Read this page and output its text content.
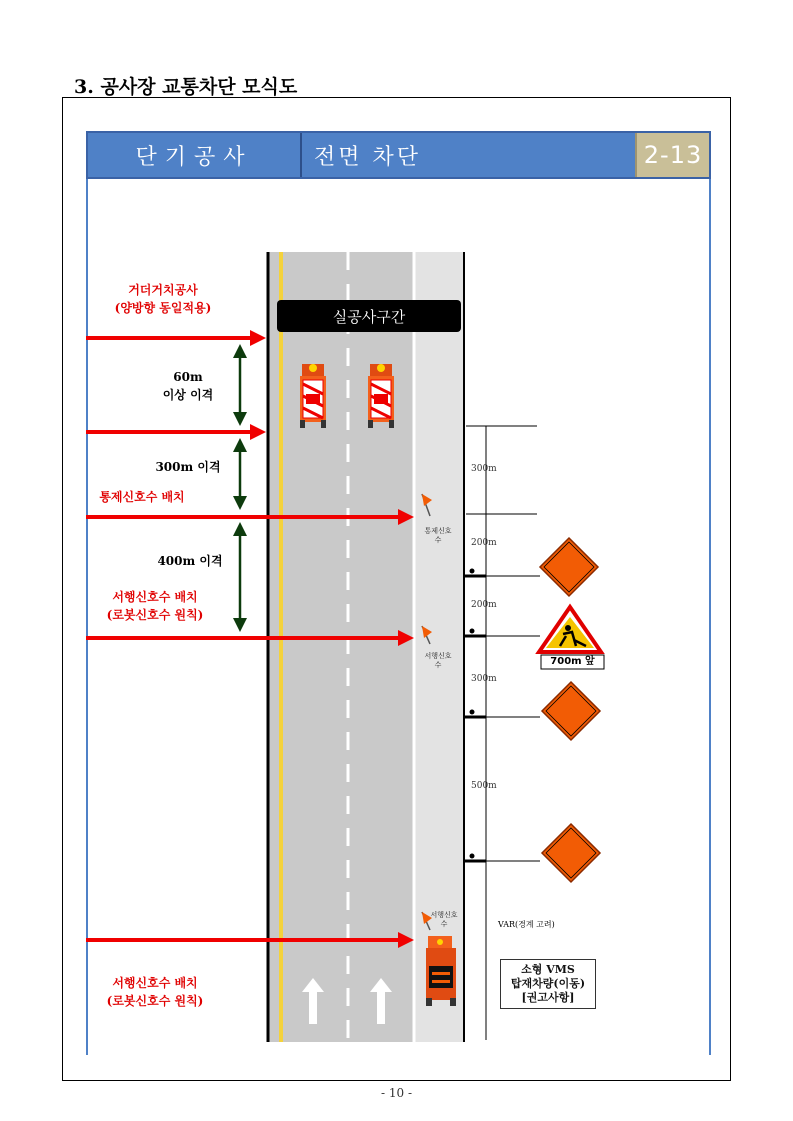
3. 공사장 교통차단 모식도
단기공사	전면 차단	2-13
실공사구간
거더거치공사
(양방향 동일적용)
60m
이상 이격
300m 이격
통제신호수 배치
400m 이격
서행신호수 배치
(로봇신호수 원칙)
서행신호수 배치
(로봇신호수 원칙)
통제신호
수
서행신호
수
서행신호
수
300m
200m
200m
300m
500m
700m 앞
VAR(경계 고려)
소형 VMS
탑재차량(이동)
[권고사항]
- 10 -
